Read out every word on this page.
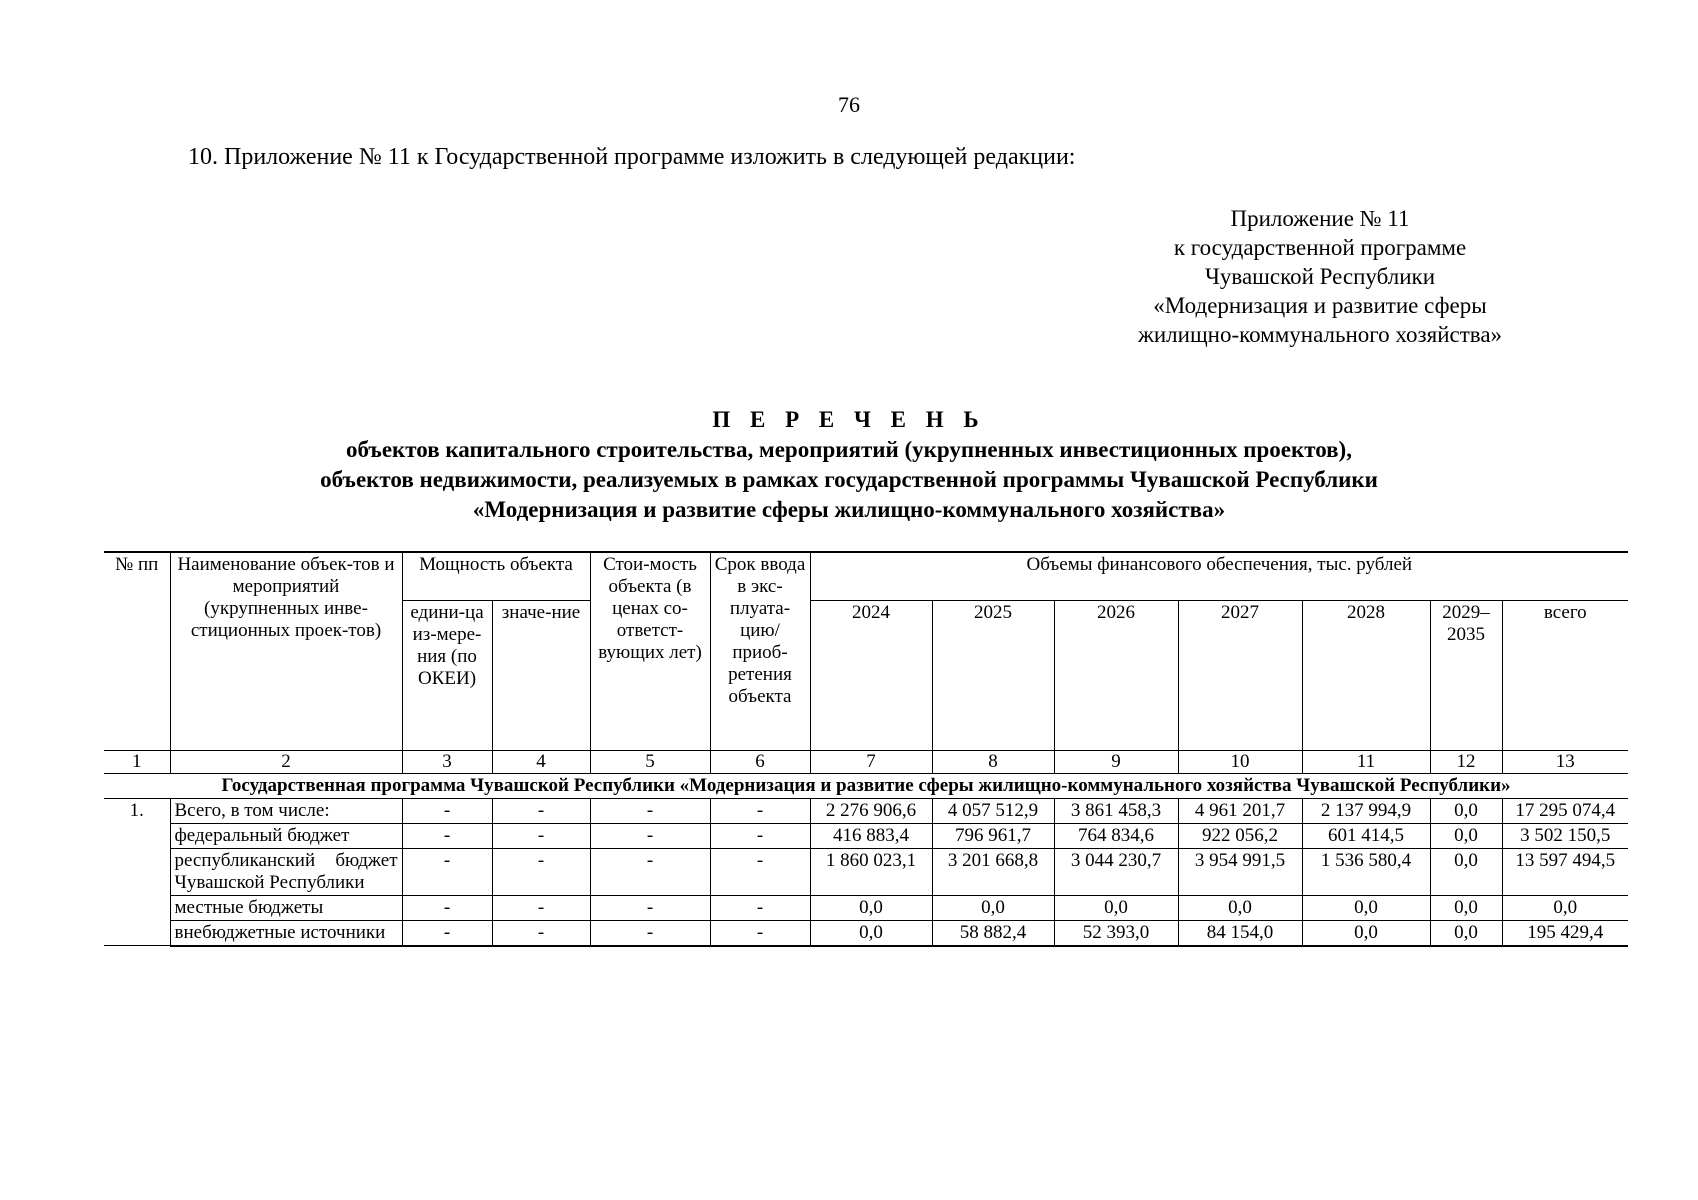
76
10. Приложение № 11 к Государственной программе изложить в следующей редакции:
Приложение № 11
к государственной программе
Чувашской Республики
«Модернизация и развитие сферы
жилищно-коммунального хозяйства»
П Е Р Е Ч Е Н Ь
объектов капитального строительства, мероприятий (укрупненных инвестиционных проектов),
объектов недвижимости, реализуемых в рамках государственной программы Чувашской Республики
«Модернизация и развитие сферы жилищно-коммунального хозяйства»
№ пп	Наименование объек-тов и мероприятий (укрупненных инве-стиционных проек-тов)	Мощность объекта		Стои-мость объекта (в ценах со-ответст-вующих лет)	Срок ввода в экс-плуата-цию/ приоб-ретения объекта	Объемы финансового обеспечения, тыс. рублей						
		едини-ца из-мере-ния (по ОКЕИ)	значе-ние			2024	2025	2026	2027	2028	2029–2035	всего
1	2	3	4	5	6	7	8	9	10	11	12	13
Государственная программа Чувашской Республики «Модернизация и развитие сферы жилищно-коммунального хозяйства Чувашской Республики»												
1.	Всего, в том числе:	-	-	-	-	2 276 906,6	4 057 512,9	3 861 458,3	4 961 201,7	2 137 994,9	0,0	17 295 074,4
	федеральный бюджет	-	-	-	-	416 883,4	796 961,7	764 834,6	922 056,2	601 414,5	0,0	3 502 150,5
	республиканский бюджет Чувашской Республики	-	-	-	-	1 860 023,1	3 201 668,8	3 044 230,7	3 954 991,5	1 536 580,4	0,0	13 597 494,5
	местные бюджеты	-	-	-	-	0,0	0,0	0,0	0,0	0,0	0,0	0,0
	внебюджетные источники	-	-	-	-	0,0	58 882,4	52 393,0	84 154,0	0,0	0,0	195 429,4
